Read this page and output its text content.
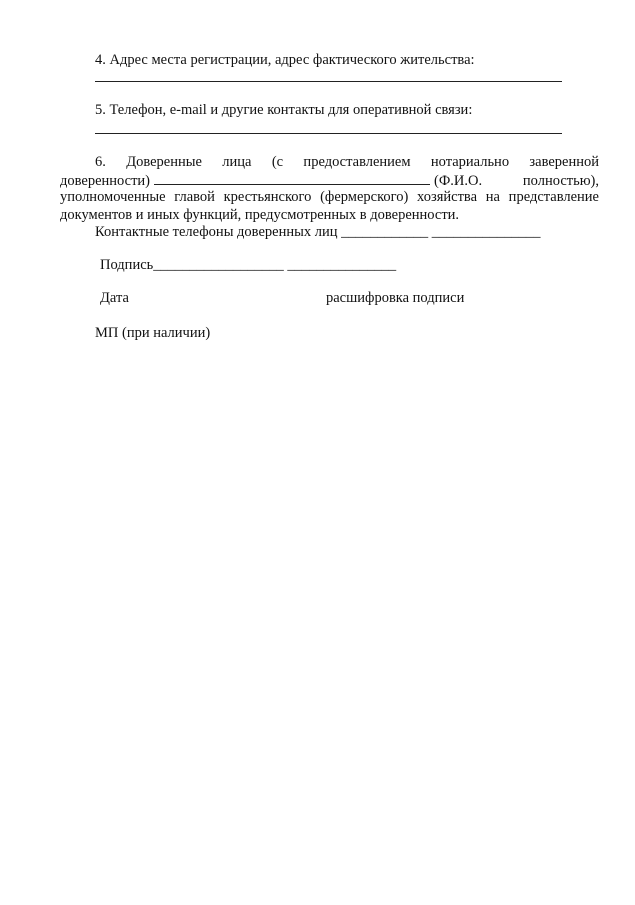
4. Адрес места регистрации, адрес фактического жительства:
5. Телефон, e-mail и другие контакты для оперативной связи:
6. Доверенные лица (с предоставлением нотариально заверенной
доверенности)	(Ф.И.О. полностью),
уполномоченные главой крестьянского (фермерского) хозяйства на представление
документов и иных функций, предусмотренных в доверенности.
Контактные телефоны доверенных лиц ____________ _______________
Подпись__________________ _______________
Дата	расшифровка подписи
МП (при наличии)
